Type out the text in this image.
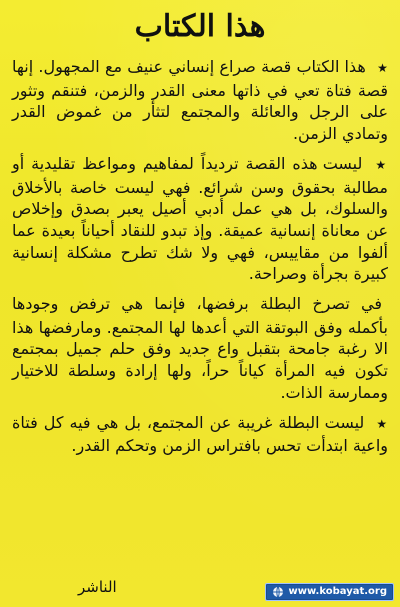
هذا الكتاب

★ هذا الكتاب قصة صراع إنساني عنيف مع المجهول. إنها قصة فتاة تعي في ذاتها معنى القدر والزمن، فتنقم وتثور على الرجل والعائلة والمجتمع لتثأر من غموض القدر وتمادي الزمن.

★ ليست هذه القصة ترديداً لمفاهيم ومواعظ تقليدية أو مطالبة بحقوق وسن شرائع. فهي ليست خاصة بالأخلاق والسلوك، بل هي عمل أدبي أصيل يعبر بصدق وإخلاص عن معاناة إنسانية عميقة. وإذ تبدو للنقاد أحياناً بعيدة عما ألفوا من مقاييس، فهي ولا شك تطرح مشكلة إنسانية كبيرة بجرأة وصراحة.

في تصرخ البطلة برفضها، فإنما هي ترفض وجودها بأكمله وفق البوتقة التي أعدها لها المجتمع. ومارفضها هذا الا رغبة جامحة بتقبل واع جديد وفق حلم جميل بمجتمع تكون فيه المرأة كياناً حراً، ولها إرادة وسلطة للاختيار وممارسة الذات.

★ ليست البطلة غريبة عن المجتمع، بل هي فيه كل فتاة واعية ابتدأت تحس بافتراس الزمن وتحكم القدر.

الناشر	www.kobayat.org
